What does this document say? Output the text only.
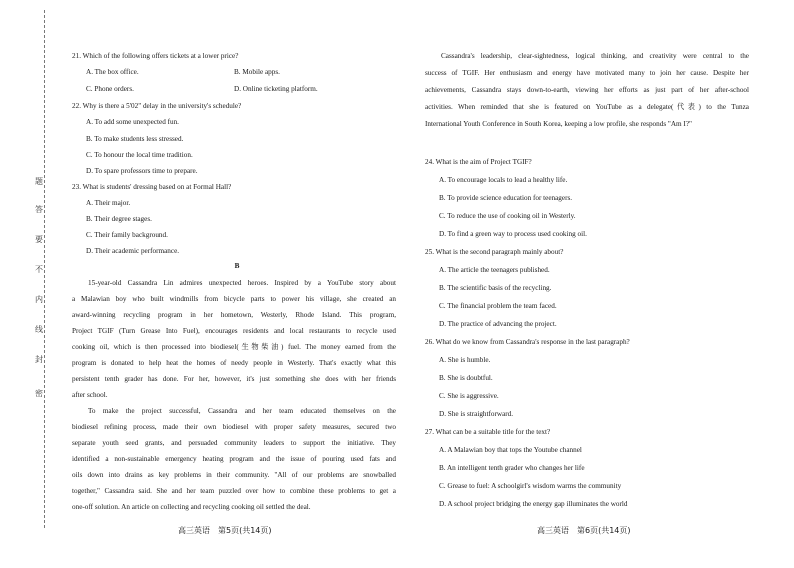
题
答
要
不
内
线
封
密
21. Which of the following offers tickets at a lower price?
A. The box office.	B. Mobile apps.
C. Phone orders.	D. Online ticketing platform.
22. Why is there a 5'02" delay in the university's schedule?
A. To add some unexpected fun.
B. To make students less stressed.
C. To honour the local time tradition.
D. To spare professors time to prepare.
23. What is students' dressing based on at Formal Hall?
A. Their major.
B. Their degree stages.
C. Their family background.
D. Their academic performance.
B
15-year-old Cassandra Lin admires unexpected heroes. Inspired by a YouTube story about
a Malawian boy who built windmills from bicycle parts to power his village, she created an
award-winning recycling program in her hometown, Westerly, Rhode Island. This program,
Project TGIF (Turn Grease Into Fuel), encourages residents and local restaurants to recycle used
cooking oil, which is then processed into biodiesel(生物柴油) fuel. The money earned from the
program is donated to help heat the homes of needy people in Westerly. That's exactly what this
persistent tenth grader has done. For her, however, it's just something she does with her friends
after school.
To make the project successful, Cassandra and her team educated themselves on the
biodiesel refining process, made their own biodiesel with proper safety measures, secured two
separate youth seed grants, and persuaded community leaders to support the initiative. They
identified a non-sustainable emergency heating program and the issue of pouring used fats and
oils down into drains as key problems in their community. "All of our problems are snowballed
together," Cassandra said. She and her team puzzled over how to combine these problems to get a
one-off solution. An article on collecting and recycling cooking oil settled the deal.
高三英语　第5页(共14页)
Cassandra's leadership, clear-sightedness, logical thinking, and creativity were central to the
success of TGIF. Her enthusiasm and energy have motivated many to join her cause. Despite her
achievements, Cassandra stays down-to-earth, viewing her efforts as just part of her after-school
activities. When reminded that she is featured on YouTube as a delegate(代表) to the Tunza
International Youth Conference in South Korea, keeping a low profile, she responds "Am I?"
24. What is the aim of Project TGIF?
A. To encourage locals to lead a healthy life.
B. To provide science education for teenagers.
C. To reduce the use of cooking oil in Westerly.
D. To find a green way to process used cooking oil.
25. What is the second paragraph mainly about?
A. The article the teenagers published.
B. The scientific basis of the recycling.
C. The financial problem the team faced.
D. The practice of advancing the project.
26. What do we know from Cassandra's response in the last paragraph?
A. She is humble.
B. She is doubtful.
C. She is aggressive.
D. She is straightforward.
27. What can be a suitable title for the text?
A. A Malawian boy that tops the Youtube channel
B. An intelligent tenth grader who changes her life
C. Grease to fuel: A schoolgirl's wisdom warms the community
D. A school project bridging the energy gap illuminates the world
高三英语　第6页(共14页)
